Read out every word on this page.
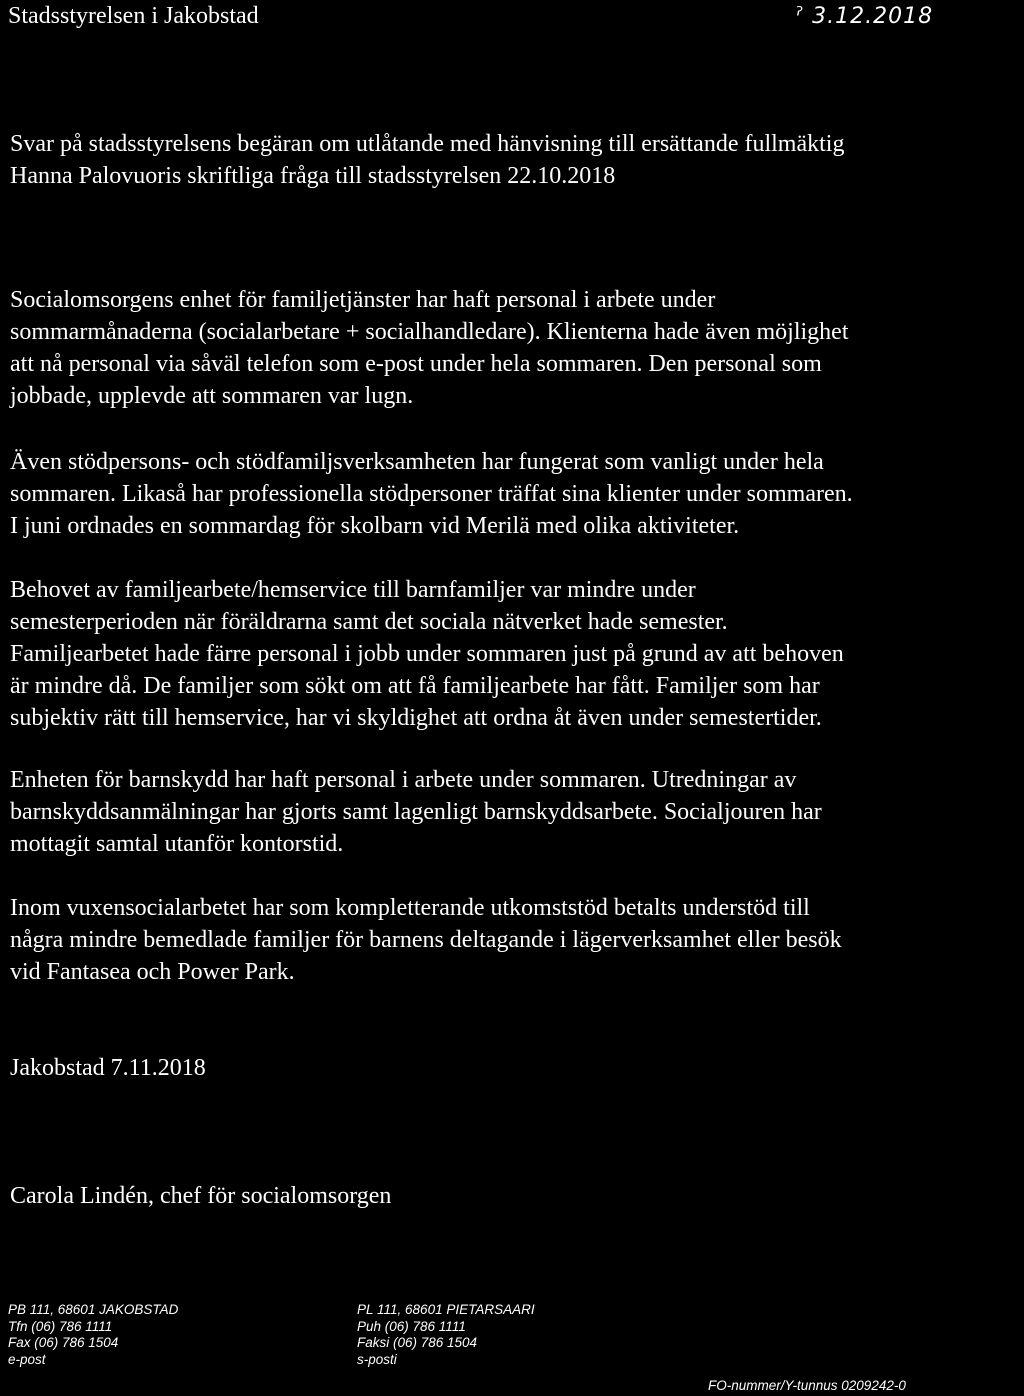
Stadsstyrelsen i Jakobstad	ˀ 3.12.2018
Svar på stadsstyrelsens begäran om utlåtande med hänvisning till ersättande fullmäktig
Hanna Palovuoris skriftliga fråga till stadsstyrelsen 22.10.2018
Socialomsorgens enhet för familjetjänster har haft personal i arbete under
sommarmånaderna (socialarbetare + socialhandledare). Klienterna hade även möjlighet
att nå personal via såväl telefon som e-post under hela sommaren. Den personal som
jobbade, upplevde att sommaren var lugn.
Även stödpersons- och stödfamiljsverksamheten har fungerat som vanligt under hela
sommaren. Likaså har professionella stödpersoner träffat sina klienter under sommaren.
I juni ordnades en sommardag för skolbarn vid Merilä med olika aktiviteter.
Behovet av familjearbete/hemservice till barnfamiljer var mindre under
semesterperioden när föräldrarna samt det sociala nätverket hade semester.
Familjearbetet hade färre personal i jobb under sommaren just på grund av att behoven
är mindre då. De familjer som sökt om att få familjearbete har fått. Familjer som har
subjektiv rätt till hemservice, har vi skyldighet att ordna åt även under semestertider.
Enheten för barnskydd har haft personal i arbete under sommaren. Utredningar av
barnskyddsanmälningar har gjorts samt lagenligt barnskyddsarbete. Socialjouren har
mottagit samtal utanför kontorstid.
Inom vuxensocialarbetet har som kompletterande utkomststöd betalts understöd till
några mindre bemedlade familjer för barnens deltagande i lägerverksamhet eller besök
vid Fantasea och Power Park.
Jakobstad 7.11.2018
Carola Lindén, chef för socialomsorgen
PB 111, 68601 JAKOBSTAD
Tfn (06) 786 1111
Fax (06) 786 1504
e-post
PL 111, 68601 PIETARSAARI
Puh (06) 786 1111
Faksi (06) 786 1504
s-posti
FO-nummer/Y-tunnus 0209242-0
